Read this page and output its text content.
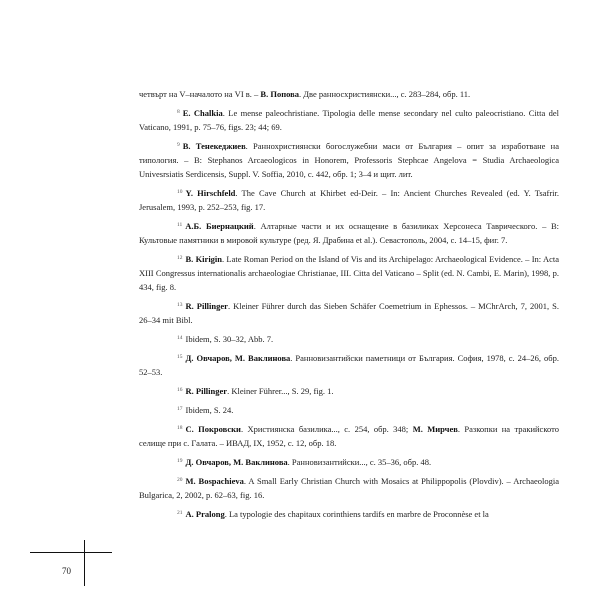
четвърт на V–началото на VI в. – В. Попова. Две ранносхристиянски..., с. 283–284, обр. 11.

$^8$ E. Chalkia. Le mense paleochristiane. Tipologia delle mense secondary nel culto paleocristiano. Citta del Vaticano, 1991, p. 75–76, figs. 23; 44; 69.

$^9$ В. Тенекеджиев. Раннохристиянски богослужебни маси от България – опит за изработване на типология. – В: Stephanos Arcaeologicos in Honorem, Professoris Stephcae Angelova = Studia Archaeologica Univesrsiatis Serdicensis, Suppl. V. Soffia, 2010, с. 442, обр. 1; 3–4 и щит. лит.

$^{10}$ Y. Hirschfeld. The Cave Church at Khirbet ed-Deir. – In: Ancient Churches Revealed (ed. Y. Tsafrir. Jerusalem, 1993, p. 252–253, fig. 17.

$^{11}$ А.Б. Биернацкий. Алтарные части и их оснащение в базиликах Херсонеса Таврического. – В: Культовые памятники в мировой культуре (ред. Я. Драбина et al.). Севастополь, 2004, с. 14–15, фиг. 7.

$^{12}$ B. Kirigin. Late Roman Period on the Island of Vis and its Archipelago: Archaeological Evidence. – In: Acta XIII Congressus internationalis archaeologiae Christianae, III. Citta del Vaticano – Split (ed. N. Cambi, E. Marin), 1998, p. 434, fig. 8.

$^{13}$ R. Pillinger. Kleiner Führer durch das Sieben Schäfer Coemetrium in Ephessos. – MChrArch, 7, 2001, S. 26–34 mit Bibl.

$^{14}$ Ibidem, S. 30–32, Abb. 7.

$^{15}$ Д. Овчаров, М. Ваклинова. Ранновизантийски паметници от България. София, 1978, с. 24–26, обр. 52–53.

$^{16}$ R. Pillinger. Kleiner Führer..., S. 29, fig. 1.

$^{17}$ Ibidem, S. 24.

$^{18}$ С. Покровски. Християнска базилика..., с. 254, обр. 348; М. Мирчев. Разкопки на тракийското селище при с. Галата. – ИВАД, IX, 1952, с. 12, обр. 18.

$^{19}$ Д. Овчаров, М. Ваклинова. Ранновизантийски..., с. 35–36, обр. 48.

$^{20}$ M. Bospachieva. A Small Early Christian Church with Mosaics at Philippopolis (Plovdiv). – Archaeologia Bulgarica, 2, 2002, p. 62–63, fig. 16.

$^{21}$ A. Pralong. La typologie des chapitaux corinthiens tardifs en marbre de Proconnèse et la

70
